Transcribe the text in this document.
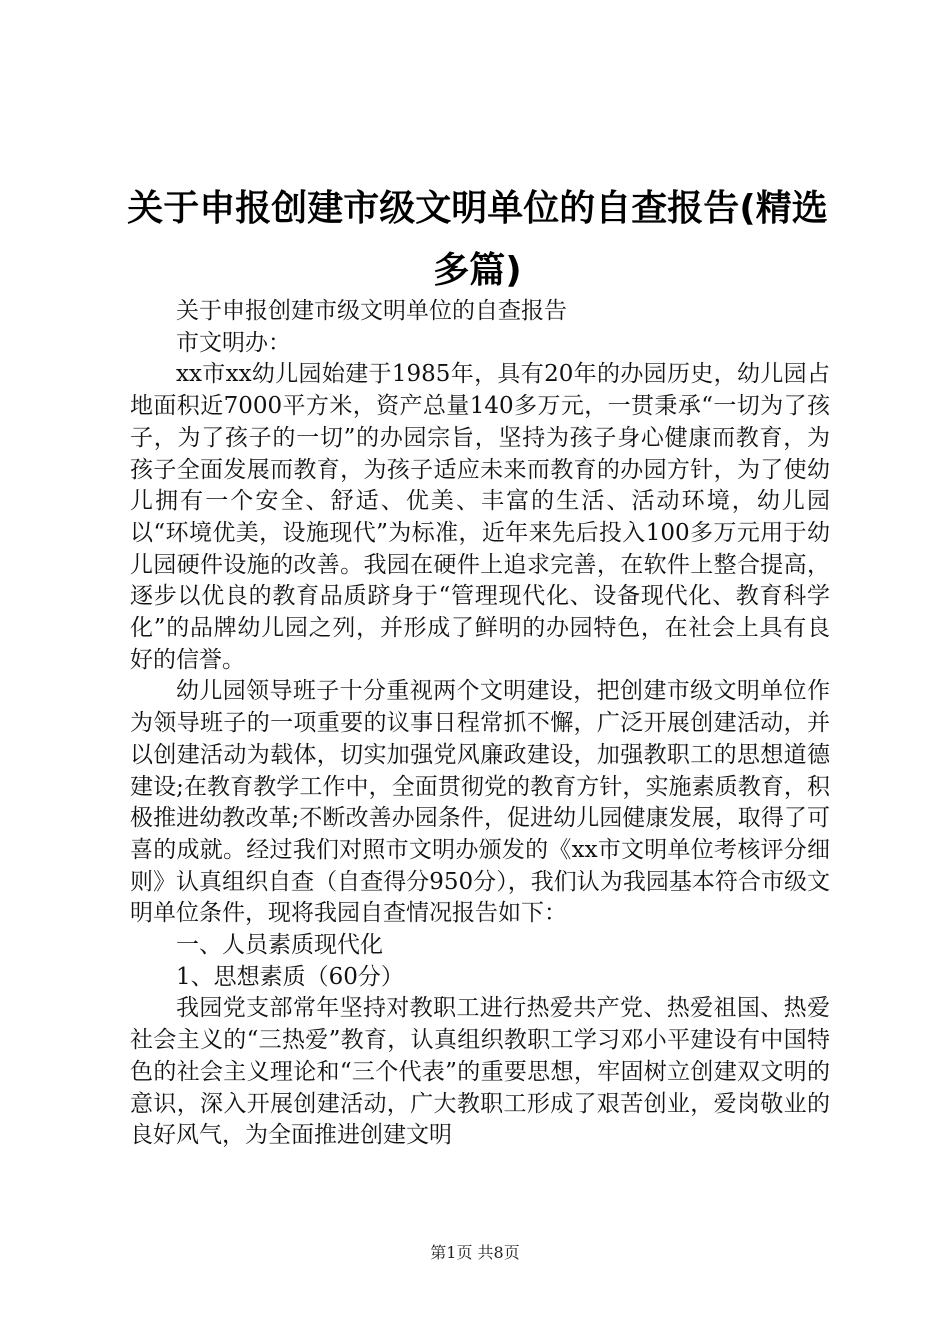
关于申报创建市级文明单位的自查报告(精选多篇)

关于申报创建市级文明单位的自查报告

市文明办：

xx市xx幼儿园始建于1985年，具有20年的办园历史，幼儿园占地面积近7000平方米，资产总量140多万元，一贯秉承“一切为了孩子，为了孩子的一切”的办园宗旨，坚持为孩子身心健康而教育，为孩子全面发展而教育，为孩子适应未来而教育的办园方针，为了使幼儿拥有一个安全、舒适、优美、丰富的生活、活动环境，幼儿园以“环境优美，设施现代”为标准，近年来先后投入100多万元用于幼儿园硬件设施的改善。我园在硬件上追求完善，在软件上整合提高，逐步以优良的教育品质跻身于“管理现代化、设备现代化、教育科学化”的品牌幼儿园之列，并形成了鲜明的办园特色，在社会上具有良好的信誉。

幼儿园领导班子十分重视两个文明建设，把创建市级文明单位作为领导班子的一项重要的议事日程常抓不懈，广泛开展创建活动，并以创建活动为载体，切实加强党风廉政建设，加强教职工的思想道德建设;在教育教学工作中，全面贯彻党的教育方针，实施素质教育，积极推进幼教改革;不断改善办园条件，促进幼儿园健康发展，取得了可喜的成就。经过我们对照市文明办颁发的《xx市文明单位考核评分细则》认真组织自查（自查得分950分），我们认为我园基本符合市级文明单位条件，现将我园自查情况报告如下：

一、人员素质现代化

1、思想素质（60分）

我园党支部常年坚持对教职工进行热爱共产党、热爱祖国、热爱社会主义的“三热爱”教育，认真组织教职工学习邓小平建设有中国特色的社会主义理论和“三个代表”的重要思想，牢固树立创建双文明的意识，深入开展创建活动，广大教职工形成了艰苦创业，爱岗敬业的良好风气，为全面推进创建文明

第1页 共8页
